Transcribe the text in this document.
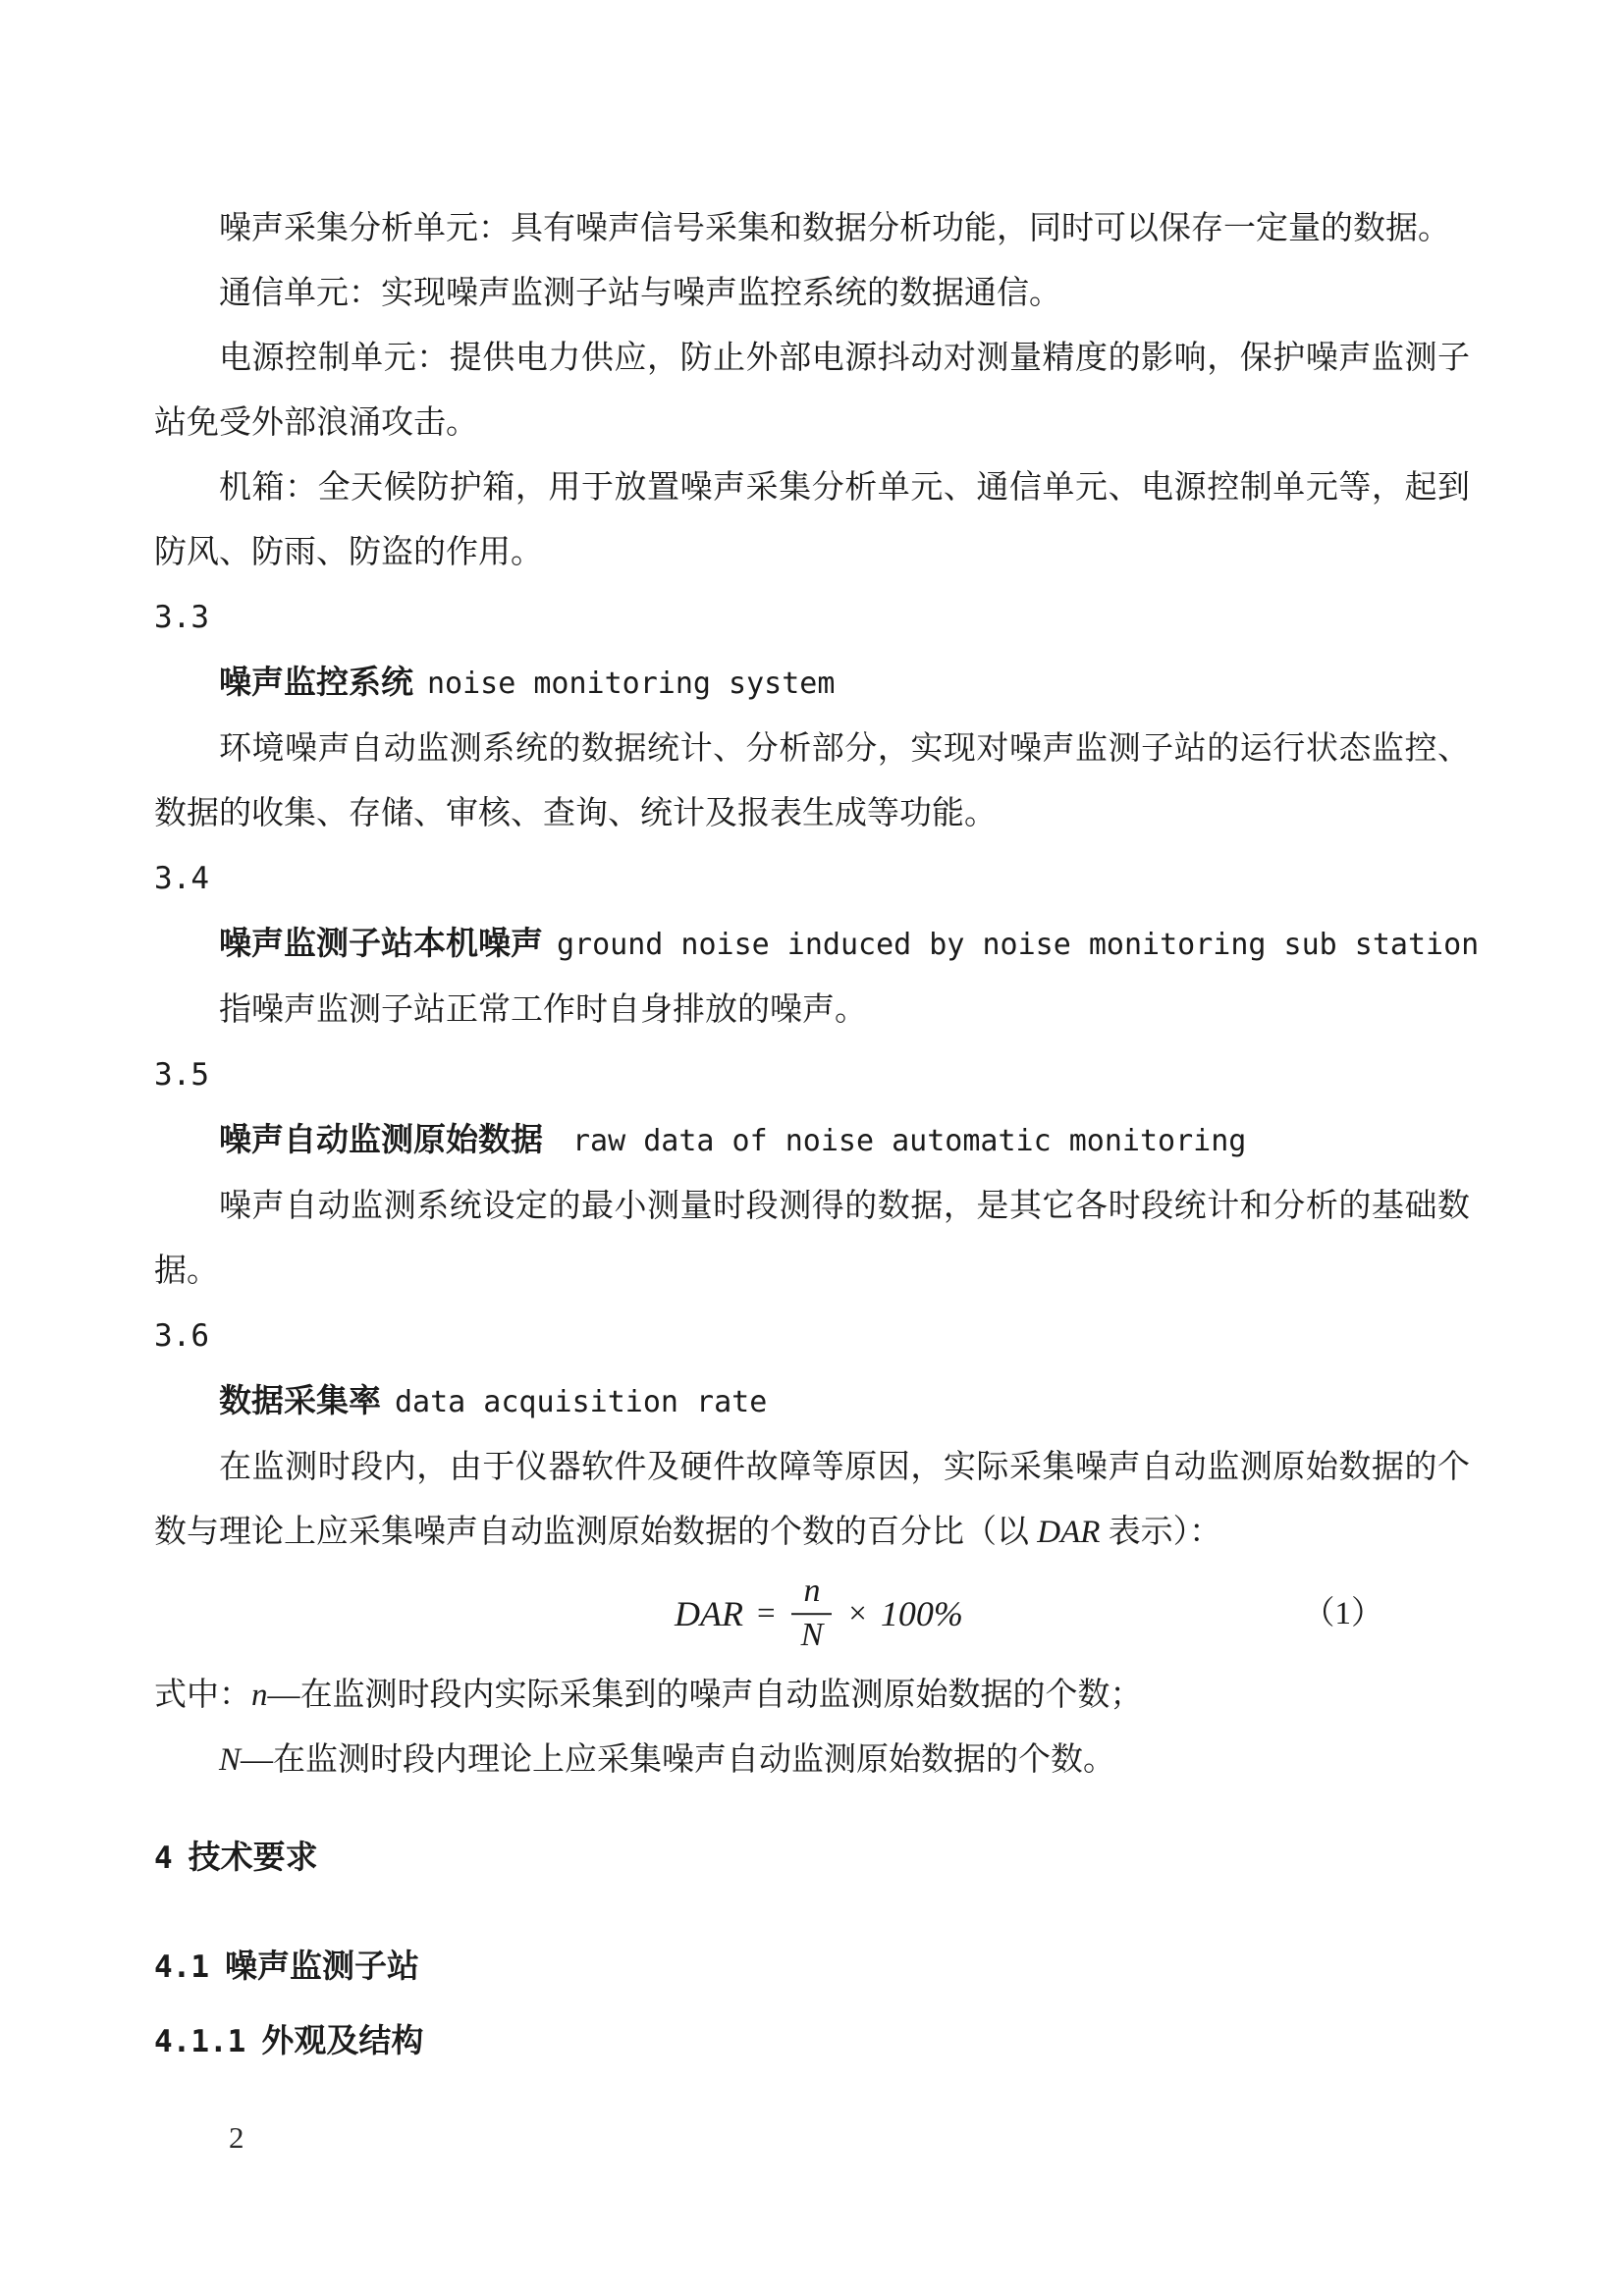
噪声采集分析单元：具有噪声信号采集和数据分析功能，同时可以保存一定量的数据。

通信单元：实现噪声监测子站与噪声监控系统的数据通信。

电源控制单元：提供电力供应，防止外部电源抖动对测量精度的影响，保护噪声监测子

站免受外部浪涌攻击。

机箱：全天候防护箱，用于放置噪声采集分析单元、通信单元、电源控制单元等，起到

防风、防雨、防盗的作用。

3.3

噪声监控系统 noise monitoring system

环境噪声自动监测系统的数据统计、分析部分，实现对噪声监测子站的运行状态监控、

数据的收集、存储、审核、查询、统计及报表生成等功能。

3.4

噪声监测子站本机噪声 ground noise induced by noise monitoring sub station

指噪声监测子站正常工作时自身排放的噪声。

3.5

噪声自动监测原始数据 raw data of noise automatic monitoring

噪声自动监测系统设定的最小测量时段测得的数据，是其它各时段统计和分析的基础数

据。

3.6

数据采集率 data acquisition rate

在监测时段内，由于仪器软件及硬件故障等原因，实际采集噪声自动监测原始数据的个

数与理论上应采集噪声自动监测原始数据的个数的百分比（以 DAR 表示）：

DAR = $\frac{n}{N} \times 100\%$	（1）

式中：n—在监测时段内实际采集到的噪声自动监测原始数据的个数；

N—在监测时段内理论上应采集噪声自动监测原始数据的个数。

4 技术要求

4.1 噪声监测子站

4.1.1 外观及结构

2
